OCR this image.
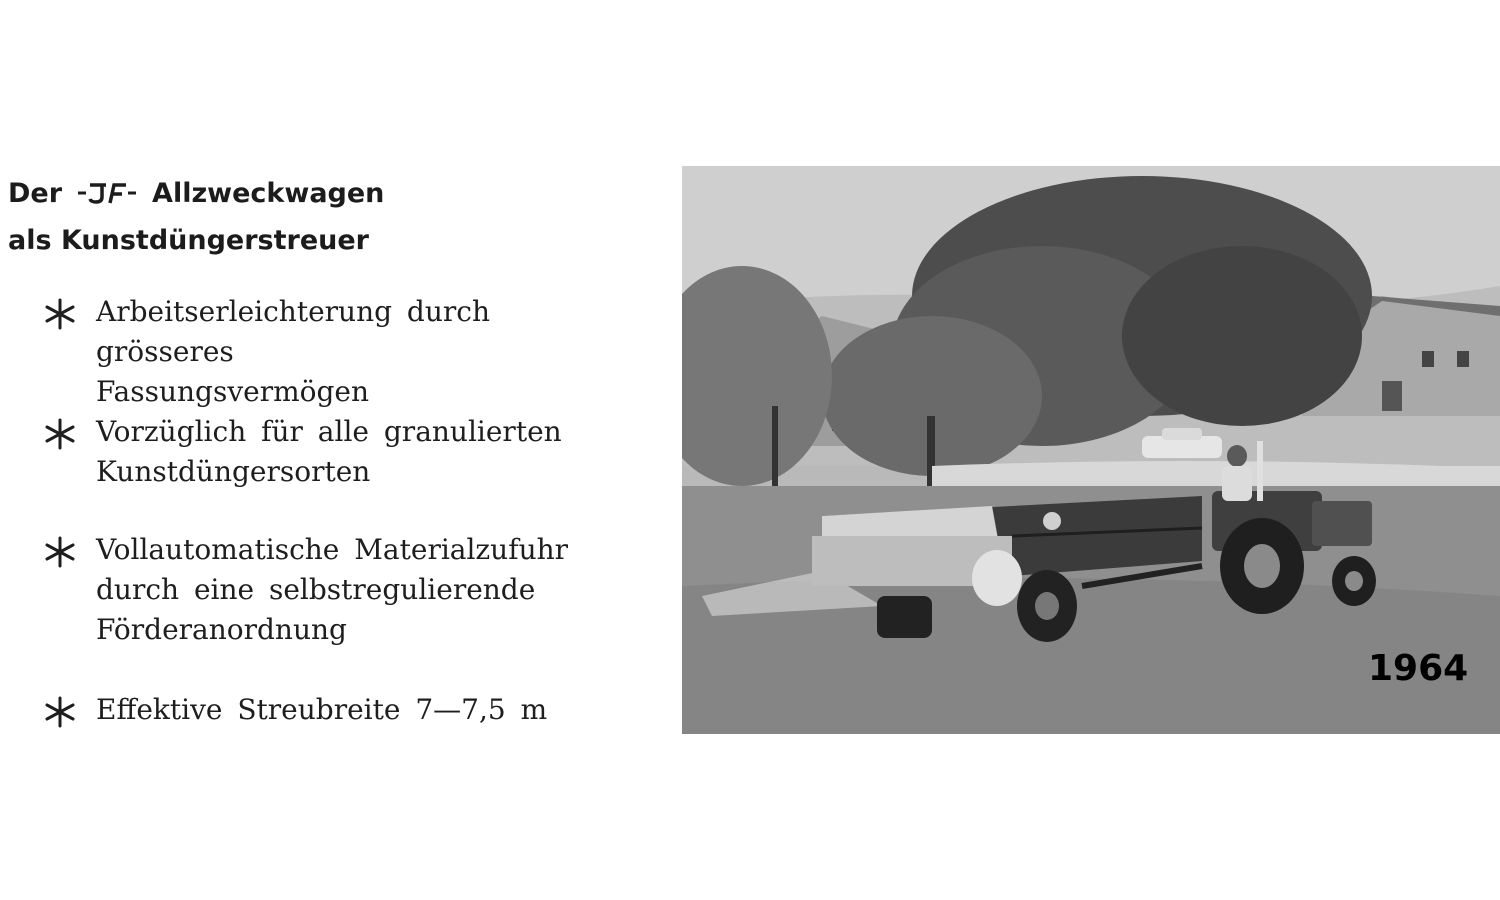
Der	Allzweckwagen
als Kunstdüngerstreuer
Arbeitserleichterung durch grösseres
Fassungsvermögen
Vorzüglich für alle granulierten
Kunstdüngersorten
Vollautomatische Materialzufuhr
durch eine selbstregulierende
Förderanordnung
Effektive Streubreite 7—7,5 m
1964
